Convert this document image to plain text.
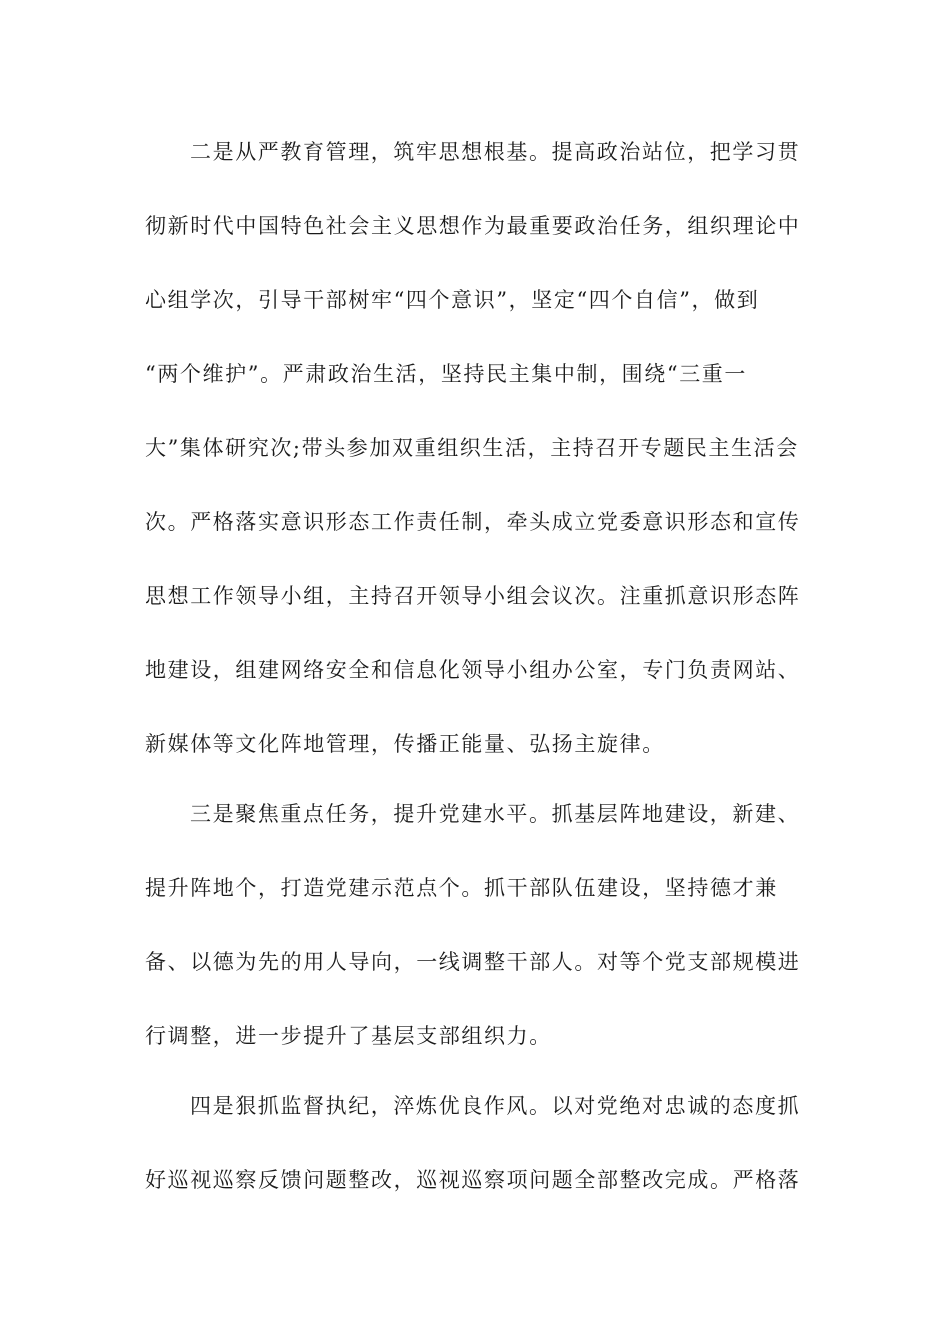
二是从严教育管理，筑牢思想根基。提高政治站位，把学习贯
彻新时代中国特色社会主义思想作为最重要政治任务，组织理论中
心组学次，引导干部树牢“四个意识”，坚定“四个自信”，做到
“两个维护”。严肃政治生活，坚持民主集中制，围绕“三重一
大”集体研究次;带头参加双重组织生活，主持召开专题民主生活会
次。严格落实意识形态工作责任制，牵头成立党委意识形态和宣传
思想工作领导小组，主持召开领导小组会议次。注重抓意识形态阵
地建设，组建网络安全和信息化领导小组办公室，专门负责网站、
新媒体等文化阵地管理，传播正能量、弘扬主旋律。
三是聚焦重点任务，提升党建水平。抓基层阵地建设，新建、
提升阵地个，打造党建示范点个。抓干部队伍建设，坚持德才兼
备、以德为先的用人导向，一线调整干部人。对等个党支部规模进
行调整，进一步提升了基层支部组织力。
四是狠抓监督执纪，淬炼优良作风。以对党绝对忠诚的态度抓
好巡视巡察反馈问题整改，巡视巡察项问题全部整改完成。严格落
